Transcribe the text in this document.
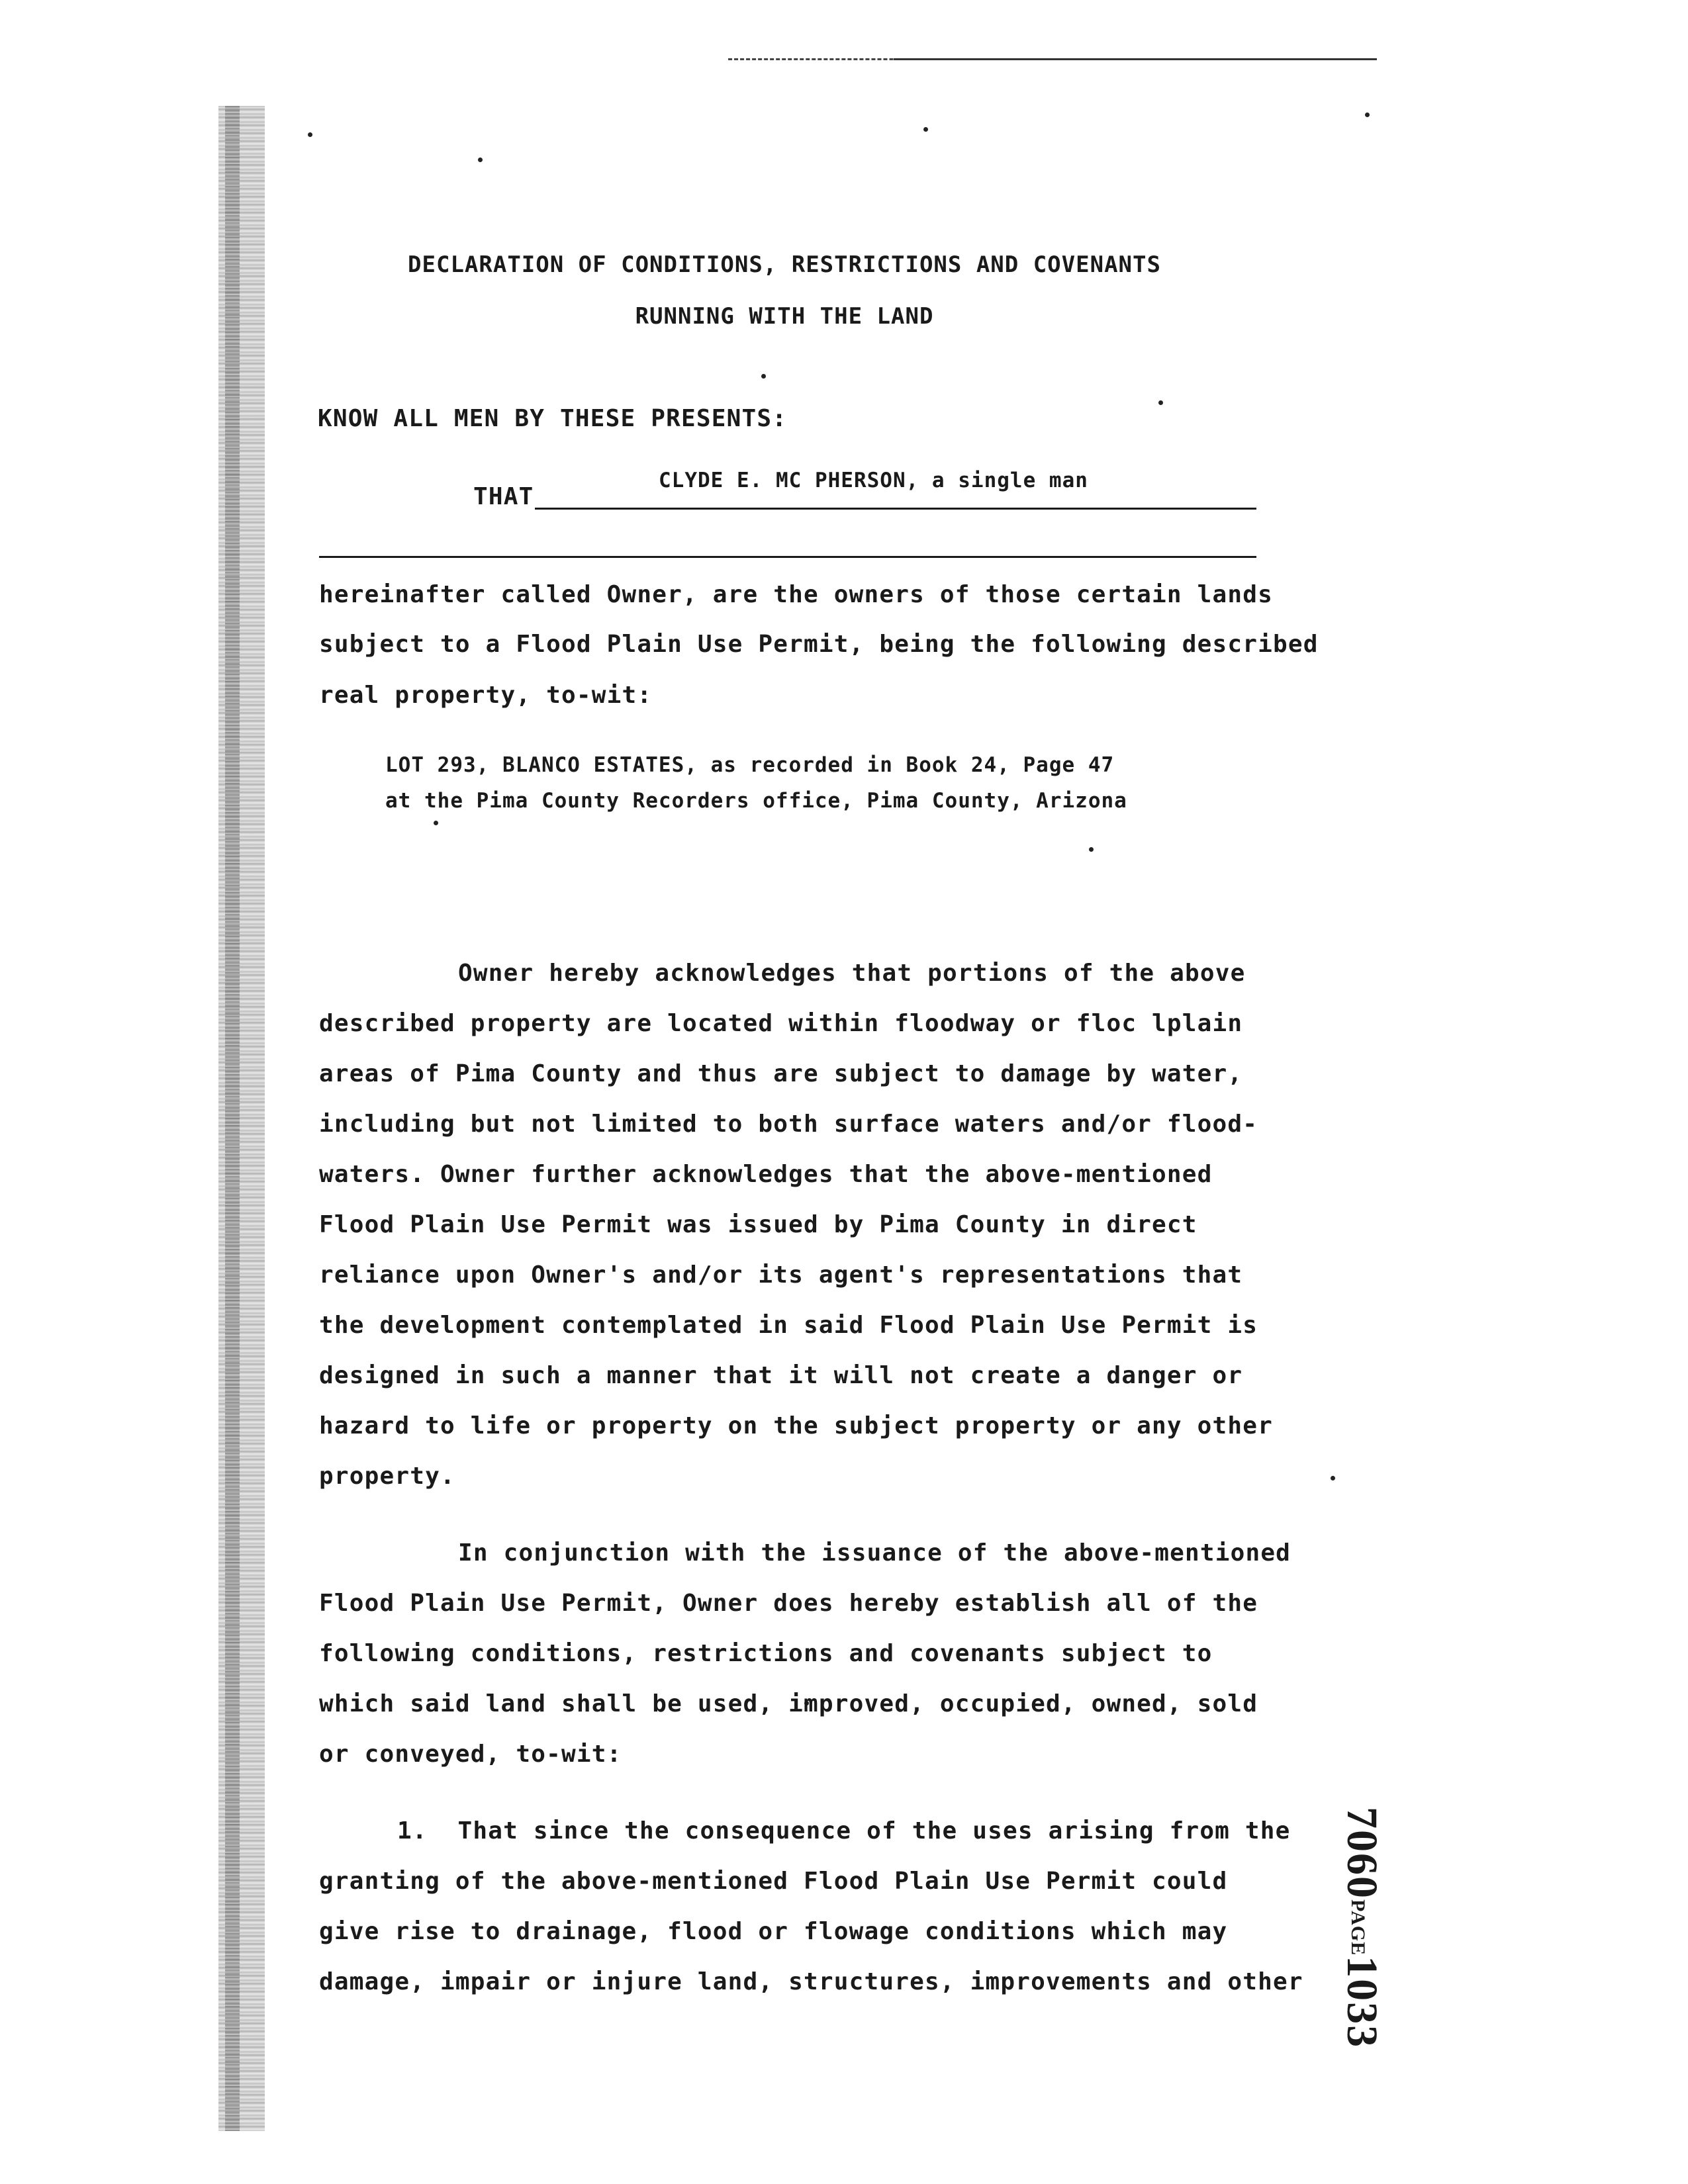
DECLARATION OF CONDITIONS, RESTRICTIONS AND COVENANTS
RUNNING WITH THE LAND
KNOW ALL MEN BY THESE PRESENTS:
THAT
CLYDE E. MC PHERSON, a single man
hereinafter called Owner, are the owners of those certain lands
subject to a Flood Plain Use Permit, being the following described
real property, to-wit:
LOT 293, BLANCO ESTATES, as recorded in Book 24, Page 47
at the Pima County Recorders office, Pima County, Arizona
Owner hereby acknowledges that portions of the above
described property are located within floodway or floc lplain
areas of Pima County and thus are subject to damage by water,
including but not limited to both surface waters and/or flood-
waters. Owner further acknowledges that the above-mentioned
Flood Plain Use Permit was issued by Pima County in direct
reliance upon Owner's and/or its agent's representations that
the development contemplated in said Flood Plain Use Permit is
designed in such a manner that it will not create a danger or
hazard to life or property on the subject property or any other
property.
In conjunction with the issuance of the above-mentioned
Flood Plain Use Permit, Owner does hereby establish all of the
following conditions, restrictions and covenants subject to
which said land shall be used, improved, occupied, owned, sold
or conveyed, to-wit:
1.  That since the consequence of the uses arising from the
granting of the above-mentioned Flood Plain Use Permit could
give rise to drainage, flood or flowage conditions which may
damage, impair or injure land, structures, improvements and other
7060PAGE1033
